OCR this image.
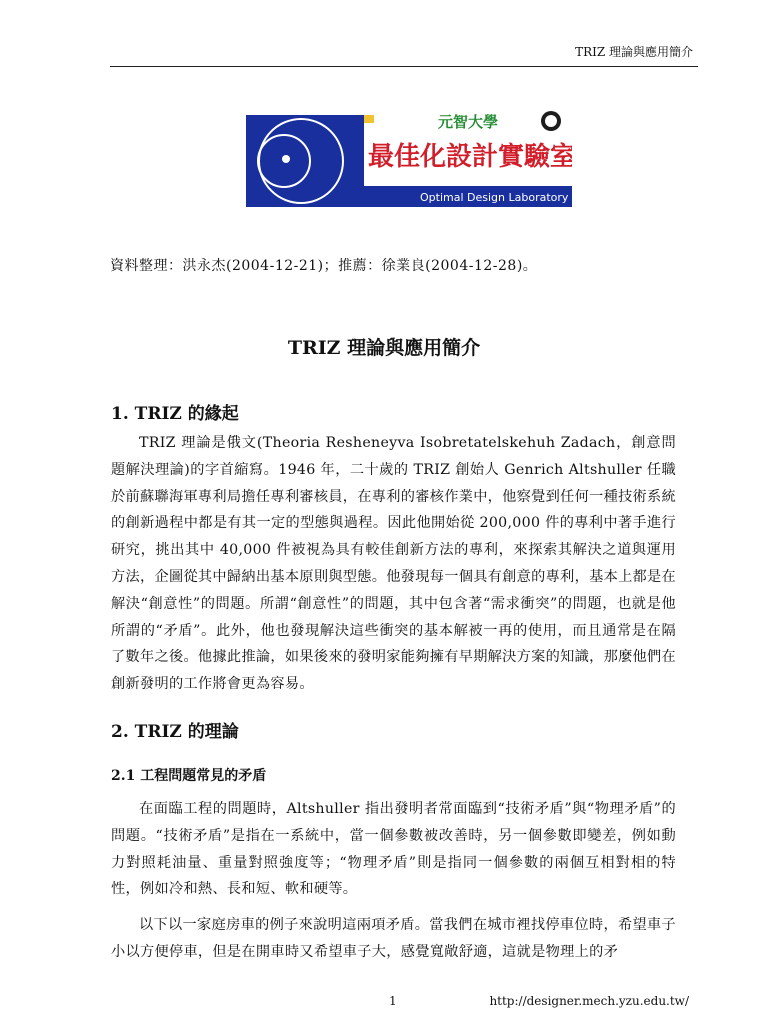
TRIZ 理論與應用簡介
元智大學
最佳化設計實驗室
Optimal Design Laboratory
資料整理：洪永杰(2004-12-21)；推薦：徐業良(2004-12-28)。
TRIZ 理論與應用簡介
1. TRIZ 的緣起
TRIZ 理論是俄文(Theoria Resheneyva Isobretatelskehuh Zadach，創意問題解決理論)的字首縮寫。1946 年，二十歲的 TRIZ 創始人 Genrich Altshuller 任職於前蘇聯海軍專利局擔任專利審核員，在專利的審核作業中，他察覺到任何一種技術系統的創新過程中都是有其一定的型態與過程。因此他開始從 200,000 件的專利中著手進行研究，挑出其中 40,000 件被視為具有較佳創新方法的專利，來探索其解決之道與運用方法，企圖從其中歸納出基本原則與型態。他發現每一個具有創意的專利，基本上都是在解決“創意性”的問題。所謂“創意性”的問題，其中包含著“需求衝突”的問題，也就是他所謂的“矛盾”。此外，他也發現解決這些衝突的基本解被一再的使用，而且通常是在隔了數年之後。他據此推論，如果後來的發明家能夠擁有早期解決方案的知識，那麼他們在創新發明的工作將會更為容易。
2. TRIZ 的理論
2.1 工程問題常見的矛盾
在面臨工程的問題時，Altshuller 指出發明者常面臨到“技術矛盾”與“物理矛盾”的問題。“技術矛盾”是指在一系統中，當一個參數被改善時，另一個參數即變差，例如動力對照耗油量、重量對照強度等；“物理矛盾”則是指同一個參數的兩個互相對相的特性，例如冷和熱、長和短、軟和硬等。
以下以一家庭房車的例子來說明這兩項矛盾。當我們在城市裡找停車位時，希望車子小以方便停車，但是在開車時又希望車子大，感覺寬敞舒適，這就是物理上的矛
1	http://designer.mech.yzu.edu.tw/
